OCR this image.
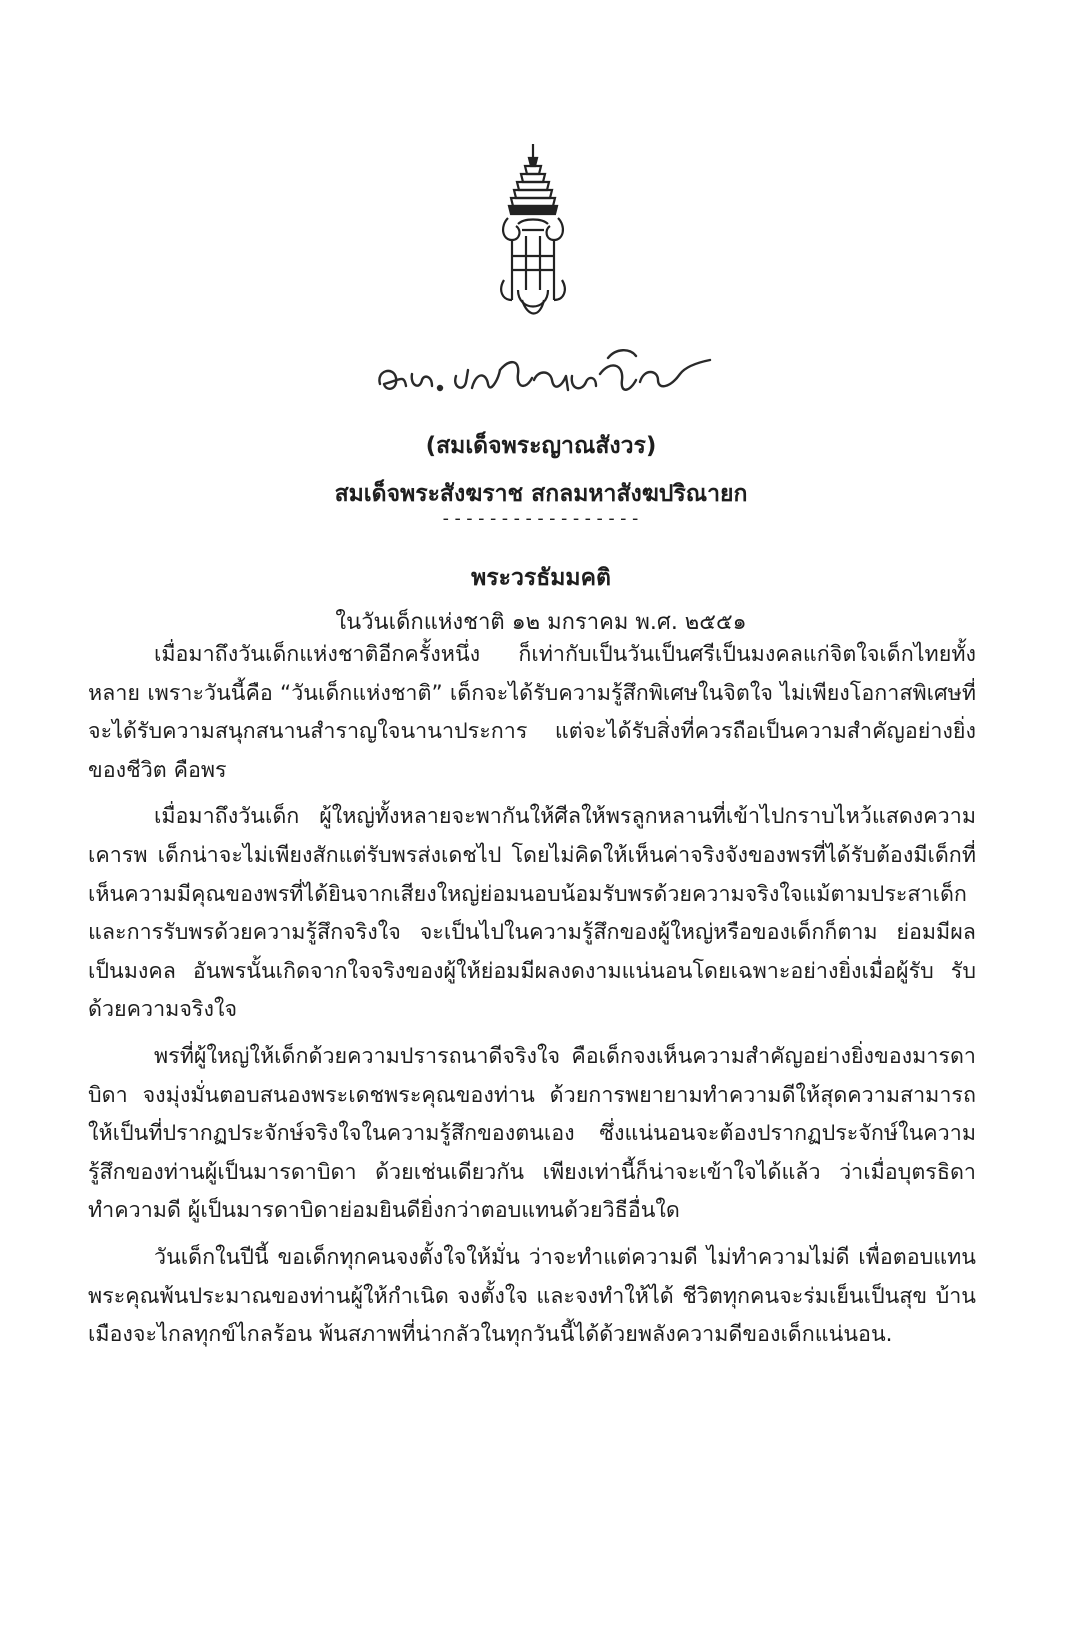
(สมเด็จพระญาณสังวร)
สมเด็จพระสังฆราช สกลมหาสังฆปริณายก
-----------------
พระวรธัมมคติ
ในวันเด็กแห่งชาติ ๑๒ มกราคม พ.ศ. ๒๕๕๑

เมื่อมาถึงวันเด็กแห่งชาติอีกครั้งหนึ่ง ก็เท่ากับเป็นวันเป็นศรีเป็นมงคลแก่จิตใจเด็กไทยทั้งหลาย เพราะวันนี้คือ “วันเด็กแห่งชาติ” เด็กจะได้รับความรู้สึกพิเศษในจิตใจ ไม่เพียงโอกาสพิเศษที่จะได้รับความสนุกสนานสำราญใจนานาประการ แต่จะได้รับสิ่งที่ควรถือเป็นความสำคัญอย่างยิ่งของชีวิต คือพร

เมื่อมาถึงวันเด็ก ผู้ใหญ่ทั้งหลายจะพากันให้ศีลให้พรลูกหลานที่เข้าไปกราบไหว้แสดงความเคารพ เด็กน่าจะไม่เพียงสักแต่รับพรส่งเดชไป โดยไม่คิดให้เห็นค่าจริงจังของพรที่ได้รับต้องมีเด็กที่เห็นความมีคุณของพรที่ได้ยินจากเสียงใหญ่ย่อมนอบน้อมรับพรด้วยความจริงใจแม้ตามประสาเด็ก และการรับพรด้วยความรู้สึกจริงใจ จะเป็นไปในความรู้สึกของผู้ใหญ่หรือของเด็กก็ตาม ย่อมมีผลเป็นมงคล อันพรนั้นเกิดจากใจจริงของผู้ให้ย่อมมีผลงดงามแน่นอนโดยเฉพาะอย่างยิ่งเมื่อผู้รับ รับด้วยความจริงใจ

พรที่ผู้ใหญ่ให้เด็กด้วยความปรารถนาดีจริงใจ คือเด็กจงเห็นความสำคัญอย่างยิ่งของมารดาบิดา จงมุ่งมั่นตอบสนองพระเดชพระคุณของท่าน ด้วยการพยายามทำความดีให้สุดความสามารถให้เป็นที่ปรากฏประจักษ์จริงใจในความรู้สึกของตนเอง ซึ่งแน่นอนจะต้องปรากฏประจักษ์ในความรู้สึกของท่านผู้เป็นมารดาบิดา ด้วยเช่นเดียวกัน เพียงเท่านี้ก็น่าจะเข้าใจได้แล้ว ว่าเมื่อบุตรธิดาทำความดี ผู้เป็นมารดาบิดาย่อมยินดียิ่งกว่าตอบแทนด้วยวิธีอื่นใด

วันเด็กในปีนี้ ขอเด็กทุกคนจงตั้งใจให้มั่น ว่าจะทำแต่ความดี ไม่ทำความไม่ดี เพื่อตอบแทนพระคุณพ้นประมาณของท่านผู้ให้กำเนิด จงตั้งใจ และจงทำให้ได้ ชีวิตทุกคนจะร่มเย็นเป็นสุข บ้านเมืองจะไกลทุกข์ไกลร้อน พ้นสภาพที่น่ากลัวในทุกวันนี้ได้ด้วยพลังความดีของเด็กแน่นอน.
